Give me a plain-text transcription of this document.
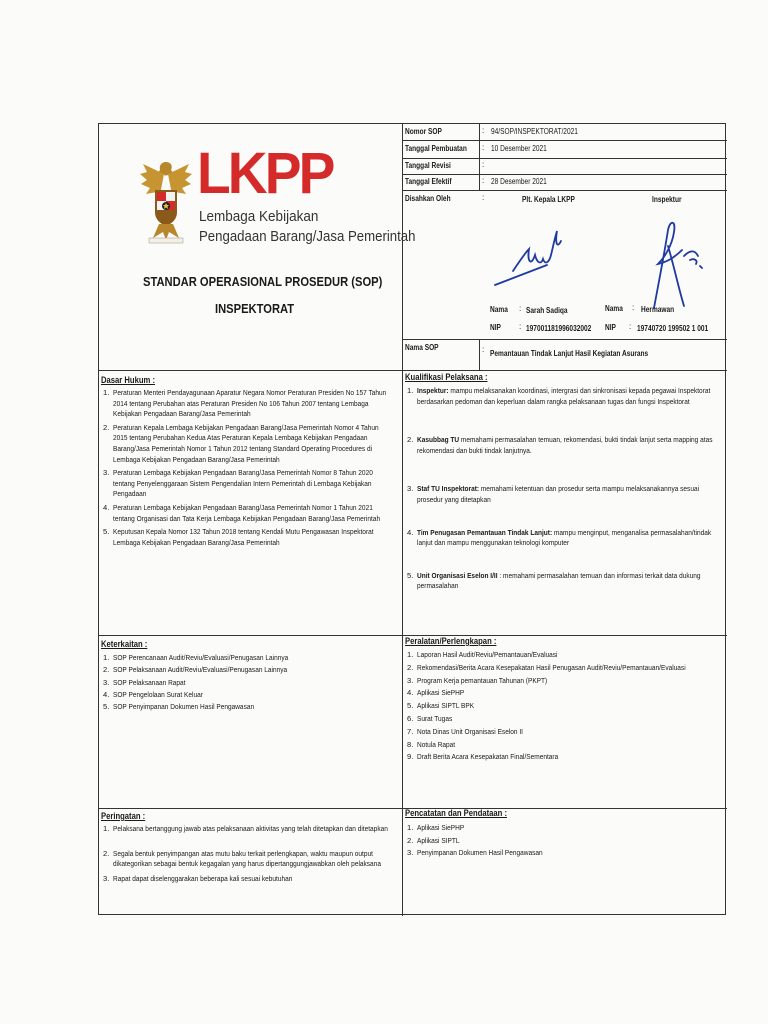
LKPP
Lembaga Kebijakan
Pengadaan Barang/Jasa Pemerintah
STANDAR OPERASIONAL PROSEDUR (SOP)
INSPEKTORAT
Nomor SOP	: 94/SOP/INSPEKTORAT/2021
Tanggal Pembuatan : 10 Desember 2021
Tanggal Revisi	:
Tanggal Efektif	: 28 Desember 2021
Disahkan Oleh	:	Plt. Kepala LKPP	Inspektur
Nama : Sarah Sadiqa
NIP : 197001181996032002
Nama : Hermawan
NIP : 19740720 199502 1 001
Nama SOP	: Pemantauan Tindak Lanjut Hasil Kegiatan Asurans
Dasar Hukum :
1. Peraturan Menteri Pendayagunaan Aparatur Negara Nomor Peraturan Presiden No 157 Tahun 2014 tentang Perubahan atas Peraturan Presiden No 106 Tahun 2007 tentang Lembaga Kebijakan Pengadaan Barang/Jasa Pemerintah
2. Peraturan Kepala Lembaga Kebijakan Pengadaan Barang/Jasa Pemerintah Nomor 4 Tahun 2015 tentang Perubahan Kedua Atas Peraturan Kepala Lembaga Kebijakan Pengadaan Barang/Jasa Pemerintah Nomor 1 Tahun 2012 tentang Standard Operating Procedures di Lembaga Kebijakan Pengadaan Barang/Jasa Pemerintah
3. Peraturan Lembaga Kebijakan Pengadaan Barang/Jasa Pemerintah Nomor 8 Tahun 2020 tentang Penyelenggaraan Sistem Pengendalian Intern Pemerintah di Lembaga Kebijakan Pengadaan
4. Peraturan Lembaga Kebijakan Pengadaan Barang/Jasa Pemerintah Nomor 1 Tahun 2021 tentang Organisasi dan Tata Kerja Lembaga Kebijakan Pengadaan Barang/Jasa Pemerintah
5. Keputusan Kepala Nomor 132 Tahun 2018 tentang Kendali Mutu Pengawasan Inspektorat Lembaga Kebijakan Pengadaan Barang/Jasa Pemerintah
Kualifikasi Pelaksana :
1. Inspektur: mampu melaksanakan koordinasi, intergrasi dan sinkronisasi kepada pegawai Inspektorat berdasarkan pedoman dan keperluan dalam rangka pelaksanaan tugas dan fungsi Inspektorat
2. Kasubbag TU memahami permasalahan temuan, rekomendasi, bukti tindak lanjut serta mapping atas rekomendasi dan bukti tindak lanjutnya.
3. Staf TU Inspektorat: memahami ketentuan dan prosedur serta mampu melaksanakannya sesuai prosedur yang ditetapkan
4. Tim Penugasan Pemantauan Tindak Lanjut: mampu menginput, menganalisa permasalahan/tindak lanjut dan mampu menggunakan teknologi komputer
5. Unit Organisasi Eselon I/II : memahami permasalahan temuan dan informasi terkait data dukung permasalahan
Keterkaitan :
1. SOP Perencanaan Audit/Reviu/Evaluasi/Penugasan Lainnya
2. SOP Pelaksanaan Audit/Reviu/Evaluasi/Penugasan Lainnya
3. SOP Pelaksanaan Rapat
4. SOP Pengelolaan Surat Keluar
5. SOP Penyimpanan Dokumen Hasil Pengawasan
Peralatan/Perlengkapan :
1. Laporan Hasil Audit/Reviu/Pemantauan/Evaluasi
2. Rekomendasi/Berita Acara Kesepakatan Hasil Penugasan Audit/Reviu/Pemantauan/Evaluasi
3. Program Kerja pemantauan Tahunan (PKPT)
4. Aplikasi SiePHP
5. Aplikasi SIPTL BPK
6. Surat Tugas
7. Nota Dinas Unit Organisasi Eselon II
8. Notula Rapat
9. Draft Berita Acara Kesepakatan Final/Sementara
Peringatan :
1. Pelaksana bertanggung jawab atas pelaksanaan aktivitas yang telah ditetapkan dan ditetapkan
2. Segala bentuk penyimpangan atas mutu baku terkait perlengkapan, waktu maupun output dikategorikan sebagai bentuk kegagalan yang harus dipertanggungjawabkan oleh pelaksana
3. Rapat dapat diselenggarakan beberapa kali sesuai kebutuhan
Pencatatan dan Pendataan :
1. Aplikasi SiePHP
2. Aplikasi SIPTL
3. Penyimpanan Dokumen Hasil Pengawasan
